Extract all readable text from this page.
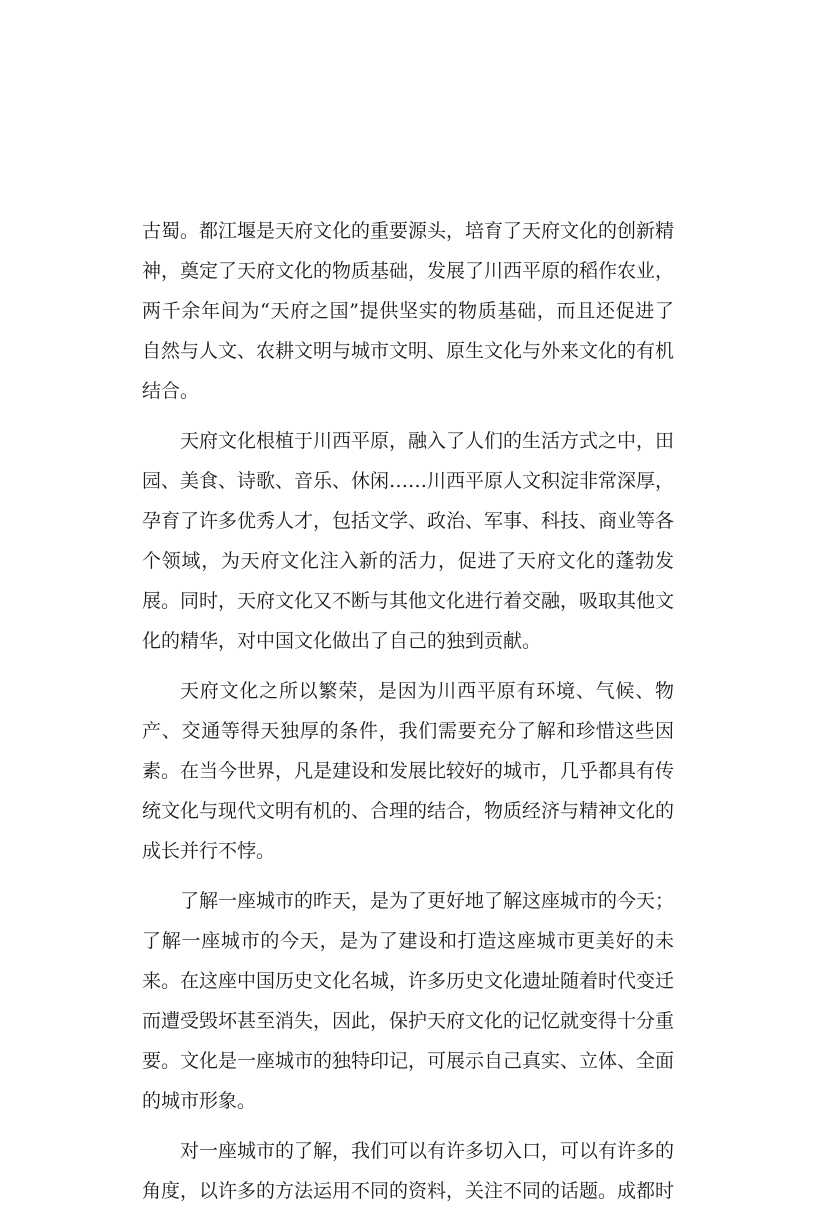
古蜀。都江堰是天府文化的重要源头，培育了天府文化的创新精神，奠定了天府文化的物质基础，发展了川西平原的稻作农业，两千余年间为“天府之国”提供坚实的物质基础，而且还促进了自然与人文、农耕文明与城市文明、原生文化与外来文化的有机结合。

天府文化根植于川西平原，融入了人们的生活方式之中，田园、美食、诗歌、音乐、休闲……川西平原人文积淀非常深厚，孕育了许多优秀人才，包括文学、政治、军事、科技、商业等各个领域，为天府文化注入新的活力，促进了天府文化的蓬勃发展。同时，天府文化又不断与其他文化进行着交融，吸取其他文化的精华，对中国文化做出了自己的独到贡献。

天府文化之所以繁荣，是因为川西平原有环境、气候、物产、交通等得天独厚的条件，我们需要充分了解和珍惜这些因素。在当今世界，凡是建设和发展比较好的城市，几乎都具有传统文化与现代文明有机的、合理的结合，物质经济与精神文化的成长并行不悖。

了解一座城市的昨天，是为了更好地了解这座城市的今天；了解一座城市的今天，是为了建设和打造这座城市更美好的未来。在这座中国历史文化名城，许多历史文化遗址随着时代变迁而遭受毁坏甚至消失，因此，保护天府文化的记忆就变得十分重要。文化是一座城市的独特印记，可展示自己真实、立体、全面的城市形象。

对一座城市的了解，我们可以有许多切入口，可以有许多的角度，以许多的方法运用不同的资料，关注不同的话题。成都时
